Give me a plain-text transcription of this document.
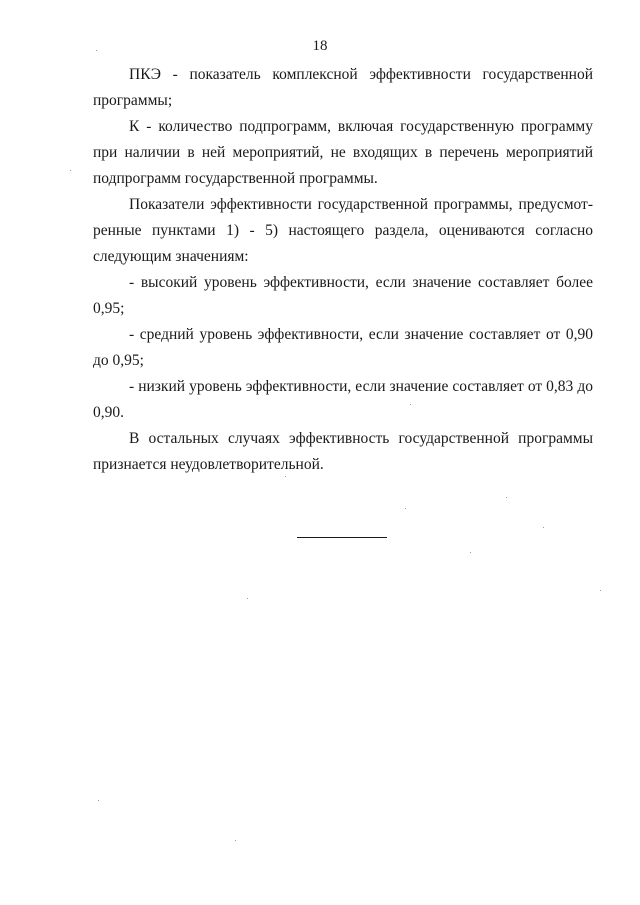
18

ПКЭ - показатель комплексной эффективности государственной программы;

К - количество подпрограмм, включая государственную программу при наличии в ней мероприятий, не входящих в перечень мероприятий подпрограмм государственной программы.

Показатели эффективности государственной программы, предусмотренные пунктами 1) - 5) настоящего раздела, оцениваются согласно следующим значениям:

- высокий уровень эффективности, если значение составляет более 0,95;

- средний уровень эффективности, если значение составляет от 0,90 до 0,95;

- низкий уровень эффективности, если значение составляет от 0,83 до 0,90.

В остальных случаях эффективность государственной программы признается неудовлетворительной.
